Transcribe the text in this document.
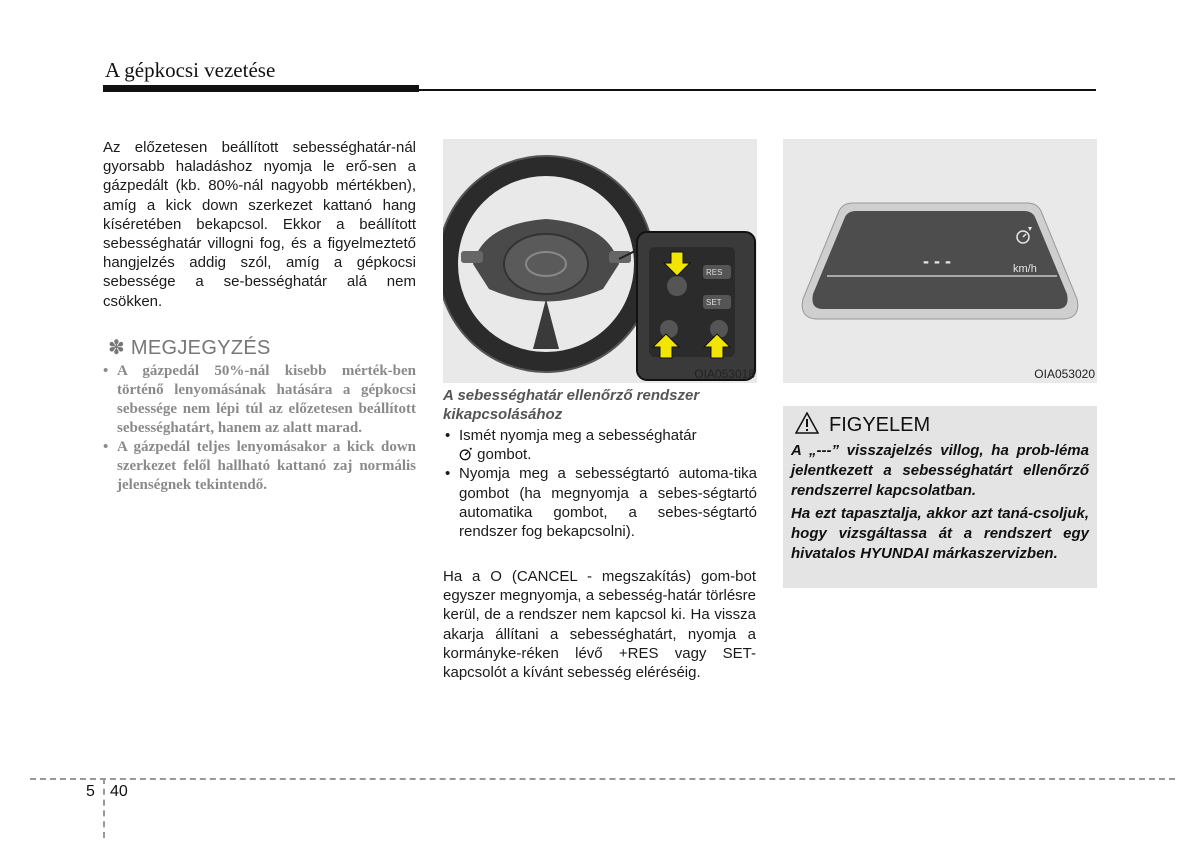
A gépkocsi vezetése
Az előzetesen beállított sebességhatár-nál gyorsabb haladáshoz nyomja le erő-sen a gázpedált (kb. 80%-nál nagyobb mértékben), amíg a kick down szerkezet kattanó hang kíséretében bekapcsol. Ekkor a beállított sebességhatár villogni fog, és a figyelmeztető hangjelzés addig szól, amíg a gépkocsi sebessége a se-bességhatár alá nem csökken.
✽ MEGJEGYZÉS
• A gázpedál 50%-nál kisebb mérték-ben történő lenyomásának hatására a gépkocsi sebessége nem lépi túl az előzetesen beállított sebességhatárt, hanem az alatt marad.
• A gázpedál teljes lenyomásakor a kick down szerkezet felől hallható kattanó zaj normális jelenségnek tekintendő.
RES
SET
OIA053018
A sebességhatár ellenőrző rendszer kikapcsolásához
• Ismét nyomja meg a sebességhatár
gombot.
• Nyomja meg a sebességtartó automa-tika gombot (ha megnyomja a sebes-ségtartó automatika gombot, a sebes-ségtartó rendszer fog bekapcsolni).
Ha a O (CANCEL - megszakítás) gom-bot egyszer megnyomja, a sebesség-határ törlésre kerül, de a rendszer nem kapcsol ki. Ha vissza akarja állítani a sebességhatárt, nyomja a kormányke-réken lévő +RES vagy SET- kapcsolót a kívánt sebesség eléréséig.
- - -	km/h
OIA053020
FIGYELEM
A „---” visszajelzés villog, ha prob-léma jelentkezett a sebességhatárt ellenőrző rendszerrel kapcsolatban.
Ha ezt tapasztalja, akkor azt taná-csoljuk, hogy vizsgáltassa át a rendszert egy hivatalos HYUNDAI márkaszervizben.
5 40
